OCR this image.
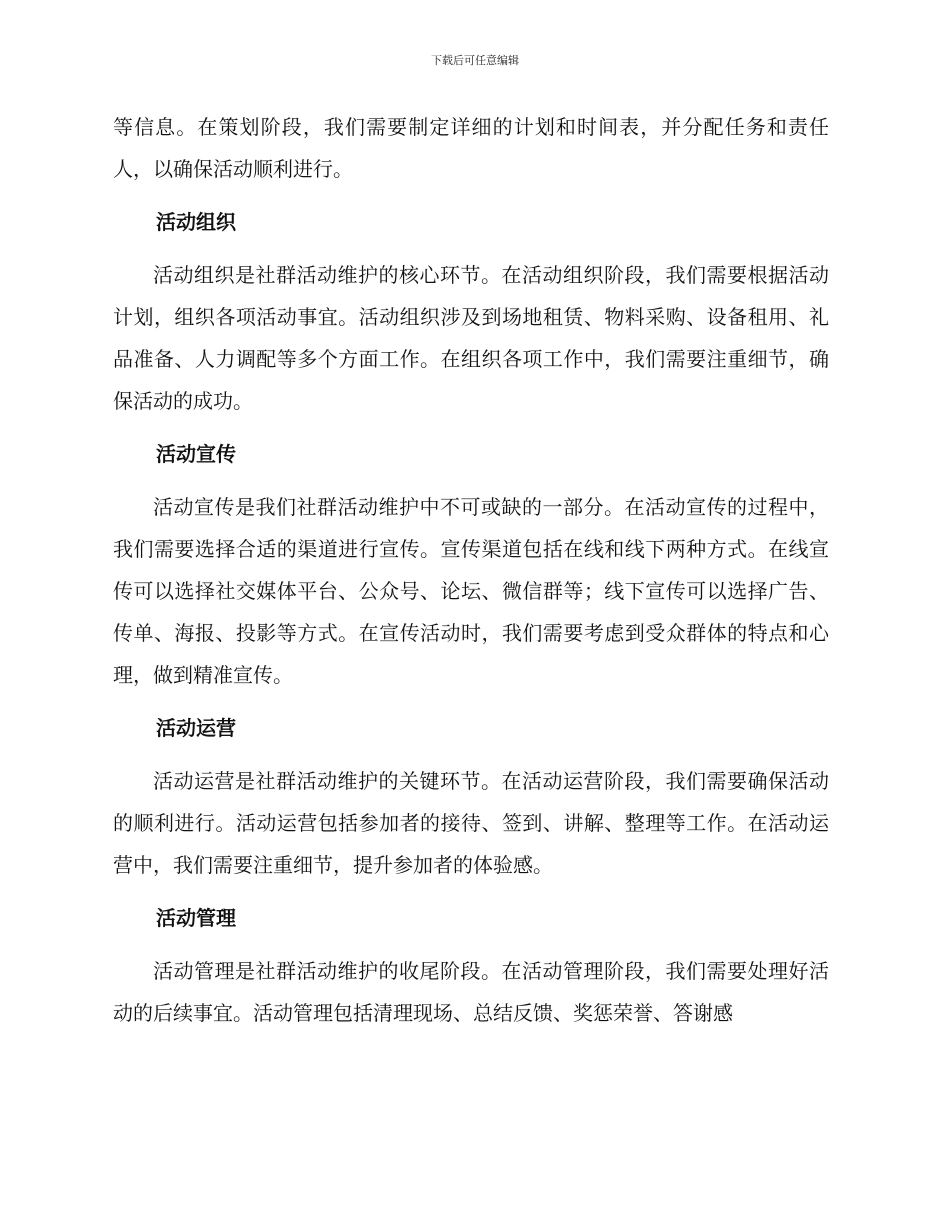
下载后可任意编辑

等信息。在策划阶段，我们需要制定详细的计划和时间表，并分配任务和责任人，以确保活动顺利进行。

活动组织

活动组织是社群活动维护的核心环节。在活动组织阶段，我们需要根据活动计划，组织各项活动事宜。活动组织涉及到场地租赁、物料采购、设备租用、礼品准备、人力调配等多个方面工作。在组织各项工作中，我们需要注重细节，确保活动的成功。

活动宣传

活动宣传是我们社群活动维护中不可或缺的一部分。在活动宣传的过程中，我们需要选择合适的渠道进行宣传。宣传渠道包括在线和线下两种方式。在线宣传可以选择社交媒体平台、公众号、论坛、微信群等；线下宣传可以选择广告、传单、海报、投影等方式。在宣传活动时，我们需要考虑到受众群体的特点和心理，做到精准宣传。

活动运营

活动运营是社群活动维护的关键环节。在活动运营阶段，我们需要确保活动的顺利进行。活动运营包括参加者的接待、签到、讲解、整理等工作。在活动运营中，我们需要注重细节，提升参加者的体验感。

活动管理

活动管理是社群活动维护的收尾阶段。在活动管理阶段，我们需要处理好活动的后续事宜。活动管理包括清理现场、总结反馈、奖惩荣誉、答谢感
